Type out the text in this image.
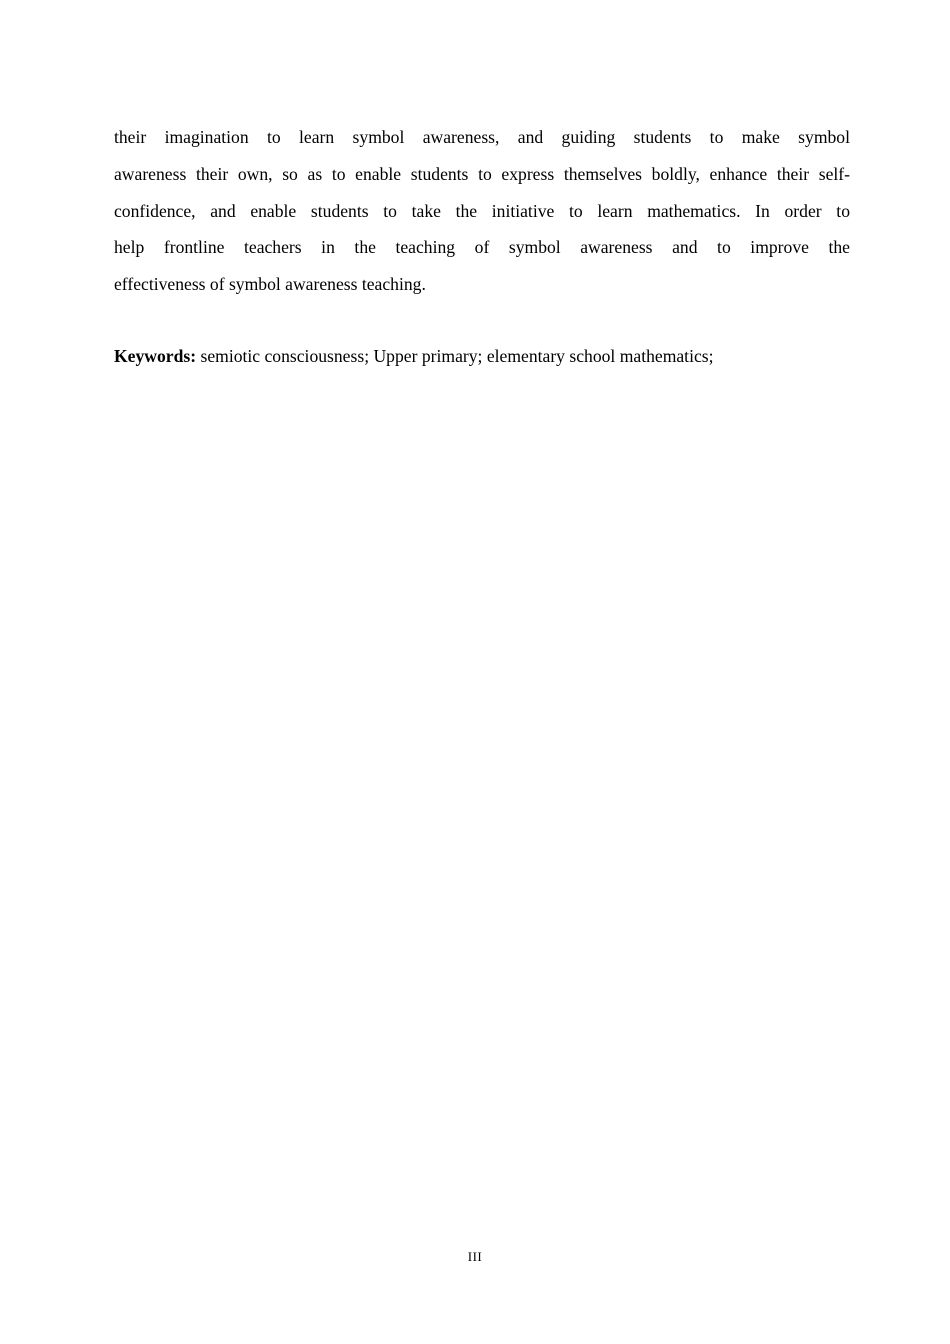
their imagination to learn symbol awareness, and guiding students to make symbol
awareness their own, so as to enable students to express themselves boldly, enhance their self-
confidence, and enable students to take the initiative to learn mathematics. In order to
help frontline teachers in the teaching of symbol awareness and to improve the
effectiveness of symbol awareness teaching.
Keywords: semiotic consciousness; Upper primary; elementary school mathematics;
III
